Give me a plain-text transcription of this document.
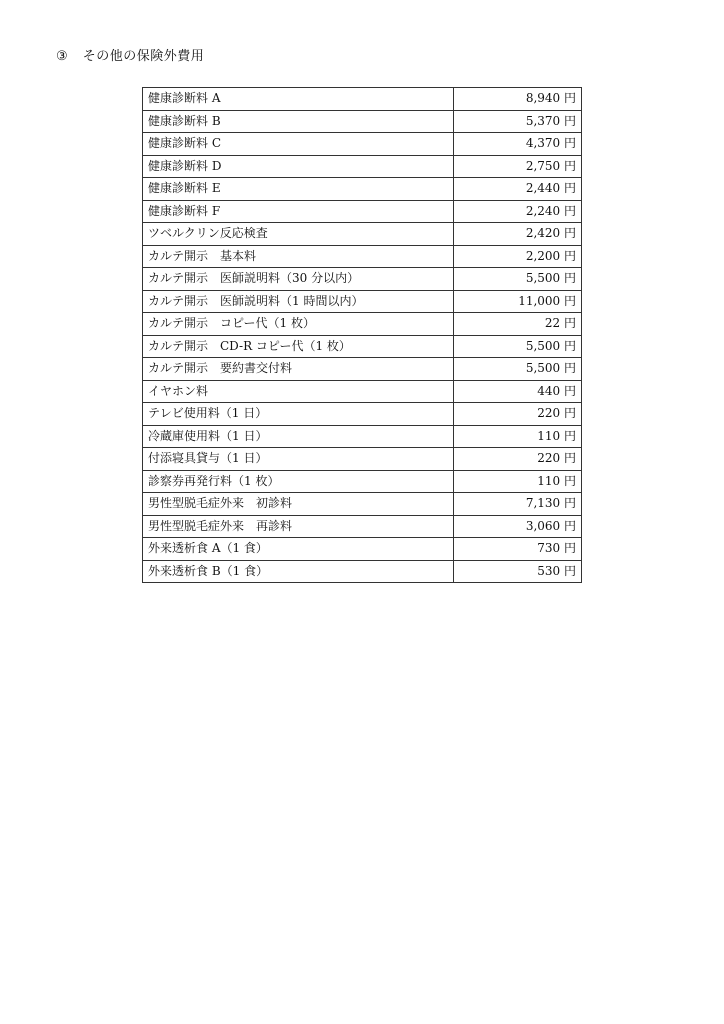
③ その他の保険外費用
健康診断料 A	8,940 円
健康診断料 B	5,370 円
健康診断料 C	4,370 円
健康診断料 D	2,750 円
健康診断料 E	2,440 円
健康診断料 F	2,240 円
ツベルクリン反応検査	2,420 円
カルテ開示　基本料	2,200 円
カルテ開示　医師説明料（30 分以内）	5,500 円
カルテ開示　医師説明料（1 時間以内）	11,000 円
カルテ開示　コピー代（1 枚）	22 円
カルテ開示　CD-R コピー代（1 枚）	5,500 円
カルテ開示　要約書交付料	5,500 円
イヤホン料	440 円
テレビ使用料（1 日）	220 円
冷蔵庫使用料（1 日）	110 円
付添寝具貸与（1 日）	220 円
診察券再発行料（1 枚）	110 円
男性型脱毛症外来　初診料	7,130 円
男性型脱毛症外来　再診料	3,060 円
外来透析食 A（1 食）	730 円
外来透析食 B（1 食）	530 円
